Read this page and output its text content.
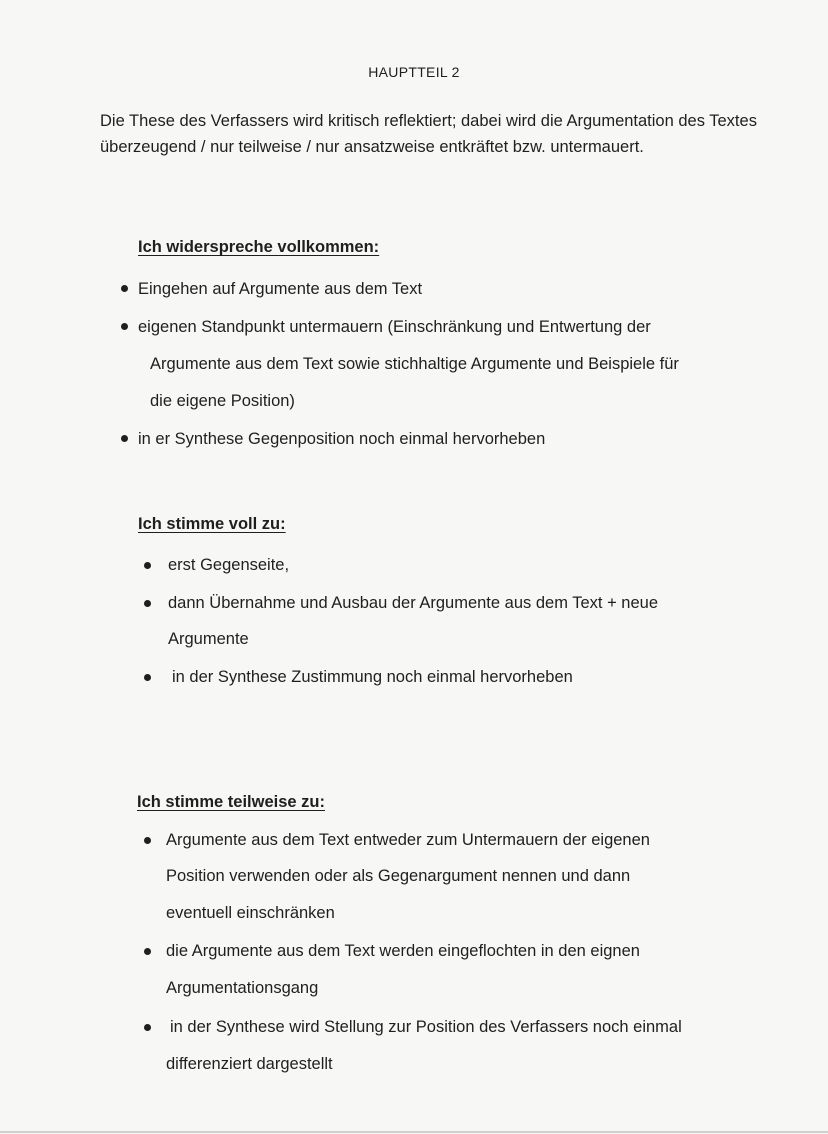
HAUPTTEIL 2
Die These des Verfassers wird kritisch reflektiert; dabei wird die Argumentation des Textes überzeugend / nur teilweise / nur ansatzweise entkräftet bzw. untermauert.
Ich widerspreche vollkommen:
Eingehen auf Argumente aus dem Text
eigenen Standpunkt untermauern (Einschränkung und Entwertung der
Argumente aus dem Text sowie stichhaltige Argumente und Beispiele für
die eigene Position)
in er Synthese Gegenposition noch einmal hervorheben
Ich stimme voll zu:
erst Gegenseite,
dann Übernahme und Ausbau der Argumente aus dem Text + neue
Argumente
in der Synthese Zustimmung noch einmal hervorheben
Ich stimme teilweise zu:
Argumente aus dem Text entweder zum Untermauern der eigenen
Position verwenden oder als Gegenargument nennen und dann
eventuell einschränken
die Argumente aus dem Text werden eingeflochten in den eignen
Argumentationsgang
in der Synthese wird Stellung zur Position des Verfassers noch einmal
differenziert dargestellt
